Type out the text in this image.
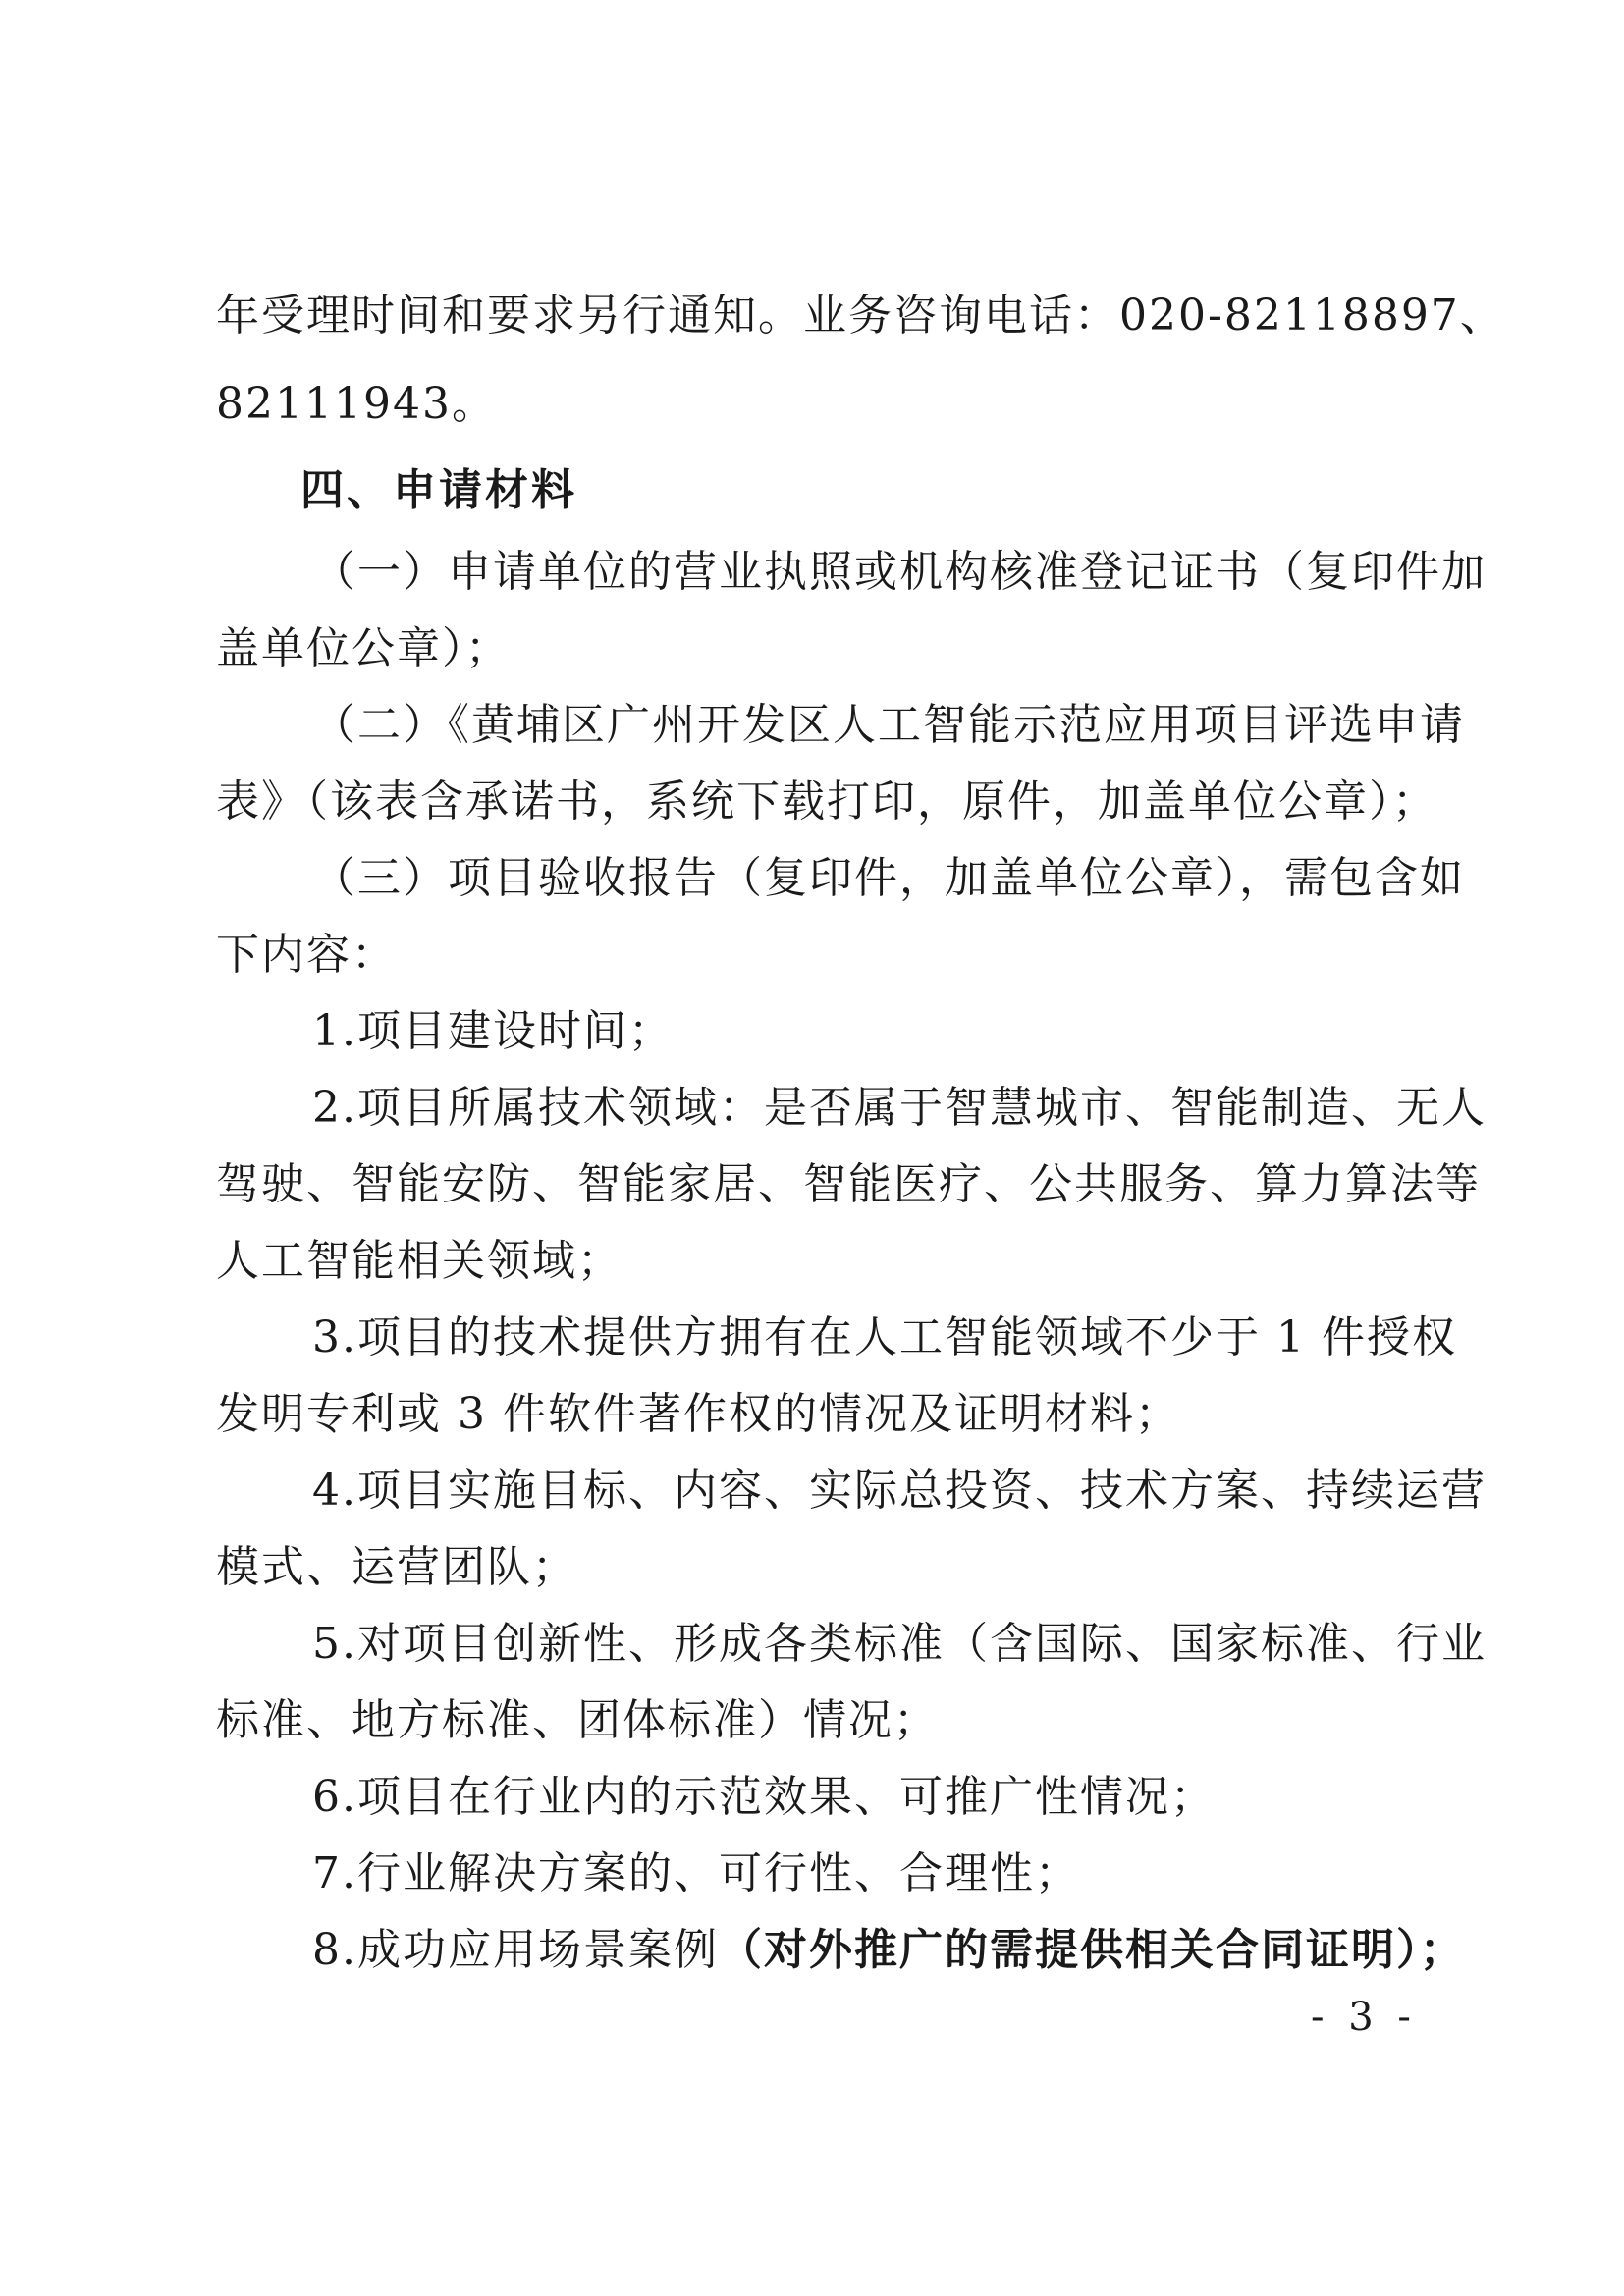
年受理时间和要求另行通知。业务咨询电话：020-82118897、
82111943。
四、申请材料
（一）申请单位的营业执照或机构核准登记证书（复印件加
盖单位公章）；
（二）《黄埔区广州开发区人工智能示范应用项目评选申请
表》（该表含承诺书，系统下载打印，原件，加盖单位公章）；
（三）项目验收报告（复印件，加盖单位公章），需包含如
下内容：
1.项目建设时间；
2.项目所属技术领域：是否属于智慧城市、智能制造、无人
驾驶、智能安防、智能家居、智能医疗、公共服务、算力算法等
人工智能相关领域；
3.项目的技术提供方拥有在人工智能领域不少于 1 件授权
发明专利或 3 件软件著作权的情况及证明材料；
4.项目实施目标、内容、实际总投资、技术方案、持续运营
模式、运营团队；
5.对项目创新性、形成各类标准（含国际、国家标准、行业
标准、地方标准、团体标准）情况；
6.项目在行业内的示范效果、可推广性情况；
7.行业解决方案的、可行性、合理性；
8.成功应用场景案例（对外推广的需提供相关合同证明）；
- 3 -
